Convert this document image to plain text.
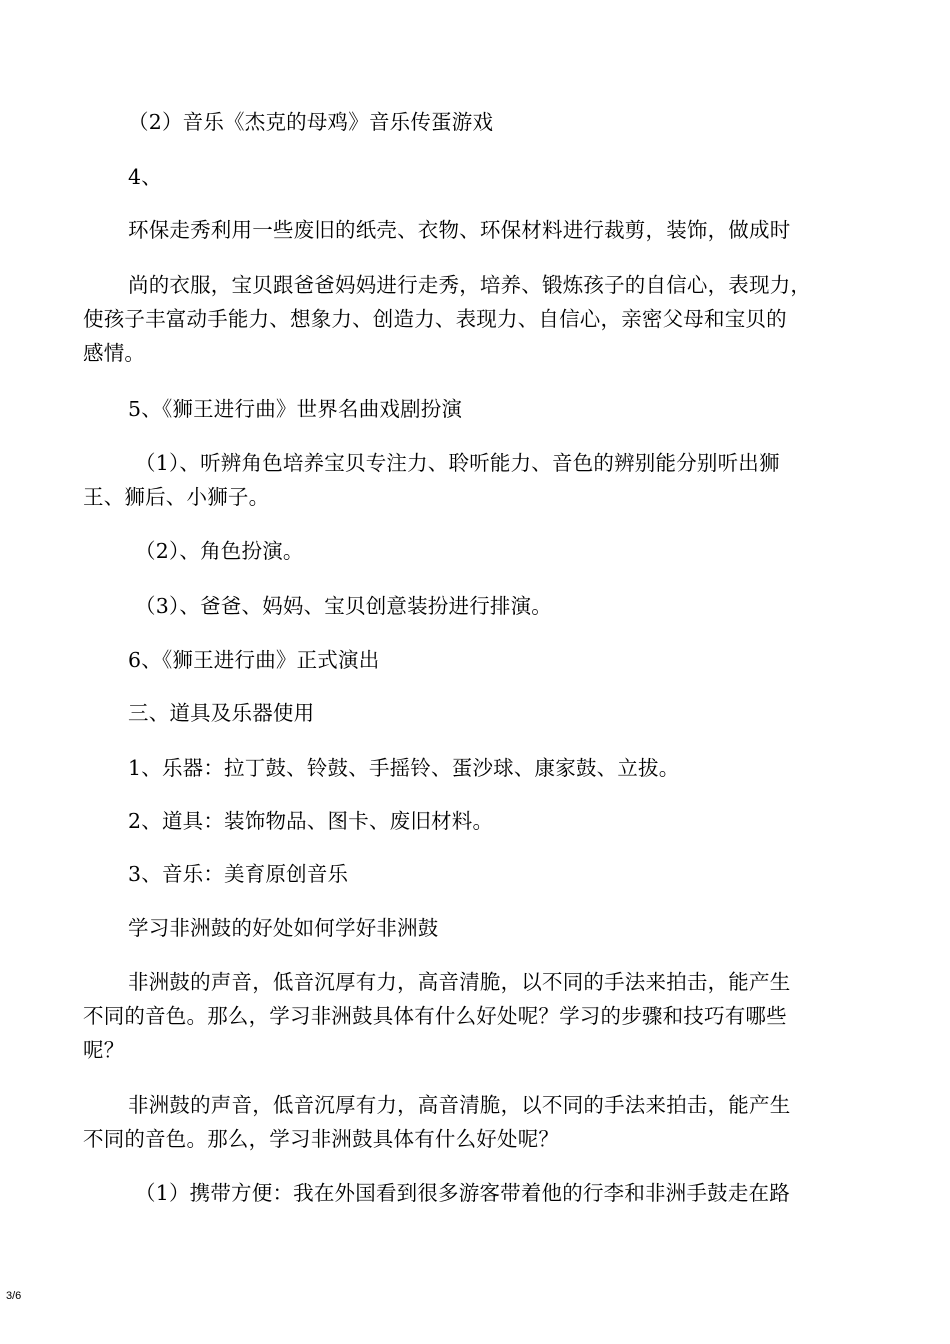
（2）音乐《杰克的母鸡》音乐传蛋游戏

4、

环保走秀利用一些废旧的纸壳、衣物、环保材料进行裁剪，装饰，做成时

尚的衣服，宝贝跟爸爸妈妈进行走秀，培养、锻炼孩子的自信心，表现力，
使孩子丰富动手能力、想象力、创造力、表现力、自信心，亲密父母和宝贝的
感情。

5、《狮王进行曲》世界名曲戏剧扮演

（1）、听辨角色培养宝贝专注力、聆听能力、音色的辨别能分别听出狮
王、狮后、小狮子。

（2）、角色扮演。

（3）、爸爸、妈妈、宝贝创意装扮进行排演。

6、《狮王进行曲》正式演出

三、道具及乐器使用

1、乐器：拉丁鼓、铃鼓、手摇铃、蛋沙球、康家鼓、立拔。

2、道具：装饰物品、图卡、废旧材料。

3、音乐：美育原创音乐

学习非洲鼓的好处如何学好非洲鼓

非洲鼓的声音，低音沉厚有力，高音清脆，以不同的手法来拍击，能产生
不同的音色。那么，学习非洲鼓具体有什么好处呢？学习的步骤和技巧有哪些
呢？

非洲鼓的声音，低音沉厚有力，高音清脆，以不同的手法来拍击，能产生
不同的音色。那么，学习非洲鼓具体有什么好处呢？

（1）携带方便：我在外国看到很多游客带着他的行李和非洲手鼓走在路

3/6
